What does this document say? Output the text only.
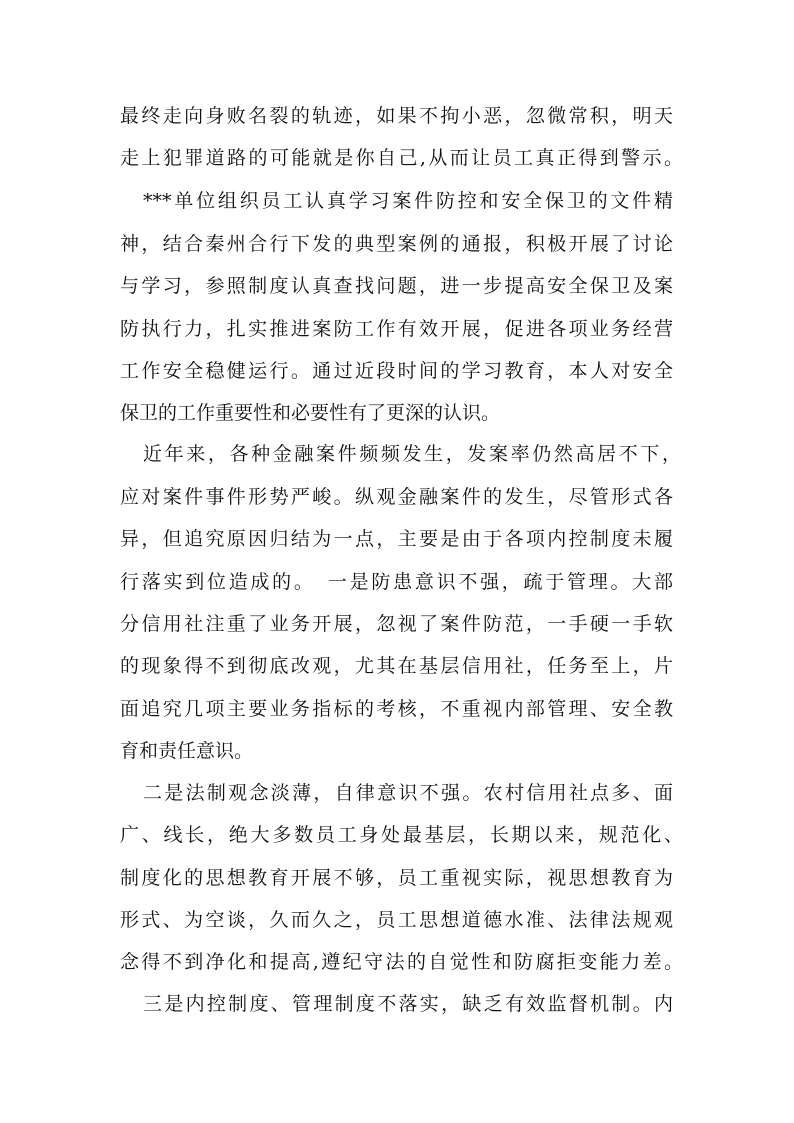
最终走向身败名裂的轨迹，如果不拘小恶，忽微常积，明天
走上犯罪道路的可能就是你自己,从而让员工真正得到警示。
***单位组织员工认真学习案件防控和安全保卫的文件精
神，结合秦州合行下发的典型案例的通报，积极开展了讨论
与学习，参照制度认真查找问题，进一步提高安全保卫及案
防执行力，扎实推进案防工作有效开展，促进各项业务经营
工作安全稳健运行。通过近段时间的学习教育，本人对安全
保卫的工作重要性和必要性有了更深的认识。
近年来，各种金融案件频频发生，发案率仍然高居不下，
应对案件事件形势严峻。纵观金融案件的发生，尽管形式各
异，但追究原因归结为一点，主要是由于各项内控制度未履
行落实到位造成的。　一是防患意识不强，疏于管理。大部
分信用社注重了业务开展，忽视了案件防范，一手硬一手软
的现象得不到彻底改观，尤其在基层信用社，任务至上，片
面追究几项主要业务指标的考核，不重视内部管理、安全教
育和责任意识。
二是法制观念淡薄，自律意识不强。农村信用社点多、面
广、线长，绝大多数员工身处最基层，长期以来，规范化、
制度化的思想教育开展不够，员工重视实际，视思想教育为
形式、为空谈，久而久之，员工思想道德水准、法律法规观
念得不到净化和提高,遵纪守法的自觉性和防腐拒变能力差。
三是内控制度、管理制度不落实，缺乏有效监督机制。内
